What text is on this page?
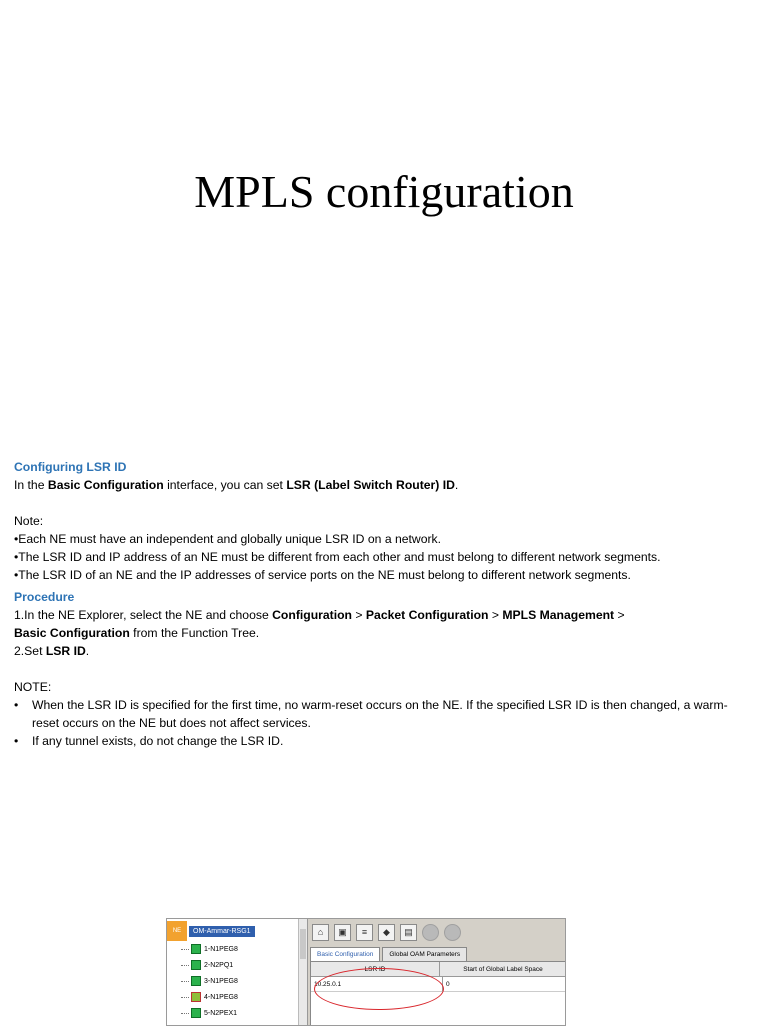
MPLS configuration

Configuring LSR ID

In the Basic Configuration interface, you can set LSR (Label Switch Router) ID.

Note:

•Each NE must have an independent and globally unique LSR ID on a network.

•The LSR ID and IP address of an NE must be different from each other and must belong to different network segments.

•The LSR ID of an NE and the IP addresses of service ports on the NE must belong to different network segments.

Procedure

1.In the NE Explorer, select the NE and choose Configuration > Packet Configuration > MPLS Management >
Basic Configuration from the Function Tree.

2.Set LSR ID.

NOTE:

• When the LSR ID is specified for the first time, no warm-reset occurs on the NE. If the specified LSR ID is then changed, a warm-reset occurs on the NE but does not affect services.
• If any tunnel exists, do not change the LSR ID.
NE	OM-Ammar-RSG1
1-N1PEG8
2-N2PQ1
3-N1PEG8
4-N1PEG8
5-N2PEX1
⌂	▣	≡	◆	▤
Basic Configuration	Global OAM Parameters
LSR ID	Start of Global Label Space
10.25.0.1	0
